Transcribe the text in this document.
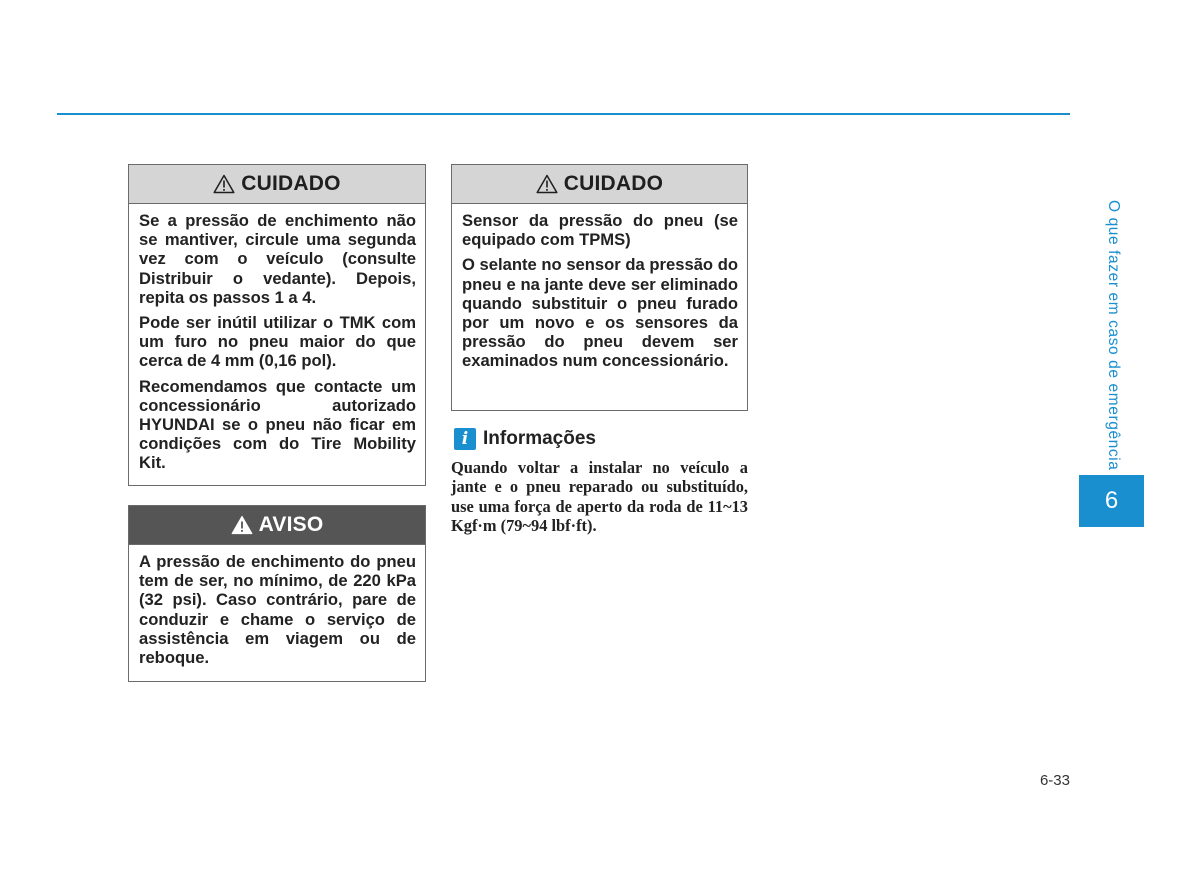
CUIDADO

Se a pressão de enchimento não se mantiver, circule uma segunda vez com o veículo (consulte Distribuir o vedante). Depois, repita os passos 1 a 4.

Pode ser inútil utilizar o TMK com um furo no pneu maior do que cerca de 4 mm (0,16 pol).

Recomendamos que contacte um concessionário autorizado HYUNDAI se o pneu não ficar em condições com do Tire Mobility Kit.

AVISO

A pressão de enchimento do pneu tem de ser, no mínimo, de 220 kPa (32 psi). Caso contrário, pare de conduzir e chame o serviço de assistência em viagem ou de reboque.

CUIDADO

Sensor da pressão do pneu (se equipado com TPMS)

O selante no sensor da pressão do pneu e na jante deve ser eliminado quando substituir o pneu furado por um novo e os sensores da pressão do pneu devem ser examinados num concessionário.

i Informações

Quando voltar a instalar no veículo a jante e o pneu reparado ou substituído, use uma força de aperto da roda de 11~13 Kgf·m (79~94 lbf·ft).

O que fazer em caso de emergência
6
6-33
